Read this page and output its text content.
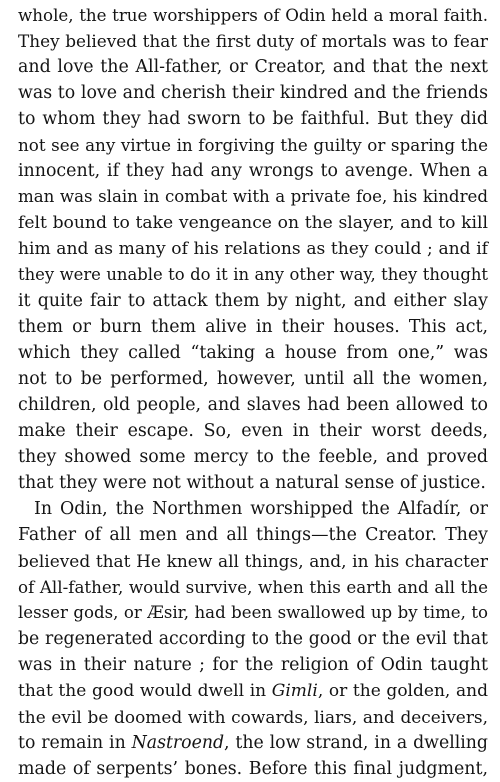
whole, the true worshippers of Odin held a moral faith.
They believed that the first duty of mortals was to fear
and love the All-father, or Creator, and that the next
was to love and cherish their kindred and the friends
to whom they had sworn to be faithful. But they did
not see any virtue in forgiving the guilty or sparing the
innocent, if they had any wrongs to avenge. When a
man was slain in combat with a private foe, his kindred
felt bound to take vengeance on the slayer, and to kill
him and as many of his relations as they could ; and if
they were unable to do it in any other way, they thought
it quite fair to attack them by night, and either slay
them or burn them alive in their houses. This act,
which they called “taking a house from one,” was
not to be performed, however, until all the women,
children, old people, and slaves had been allowed to
make their escape. So, even in their worst deeds,
they showed some mercy to the feeble, and proved
that they were not without a natural sense of justice.
In Odin, the Northmen worshipped the Alfadír, or
Father of all men and all things—the Creator. They
believed that He knew all things, and, in his character
of All-father, would survive, when this earth and all the
lesser gods, or Æsir, had been swallowed up by time, to
be regenerated according to the good or the evil that
was in their nature ; for the religion of Odin taught
that the good would dwell in Gimli, or the golden, and
the evil be doomed with cowards, liars, and deceivers,
to remain in Nastroend, the low strand, in a dwelling
made of serpents’ bones. Before this final judgment,
